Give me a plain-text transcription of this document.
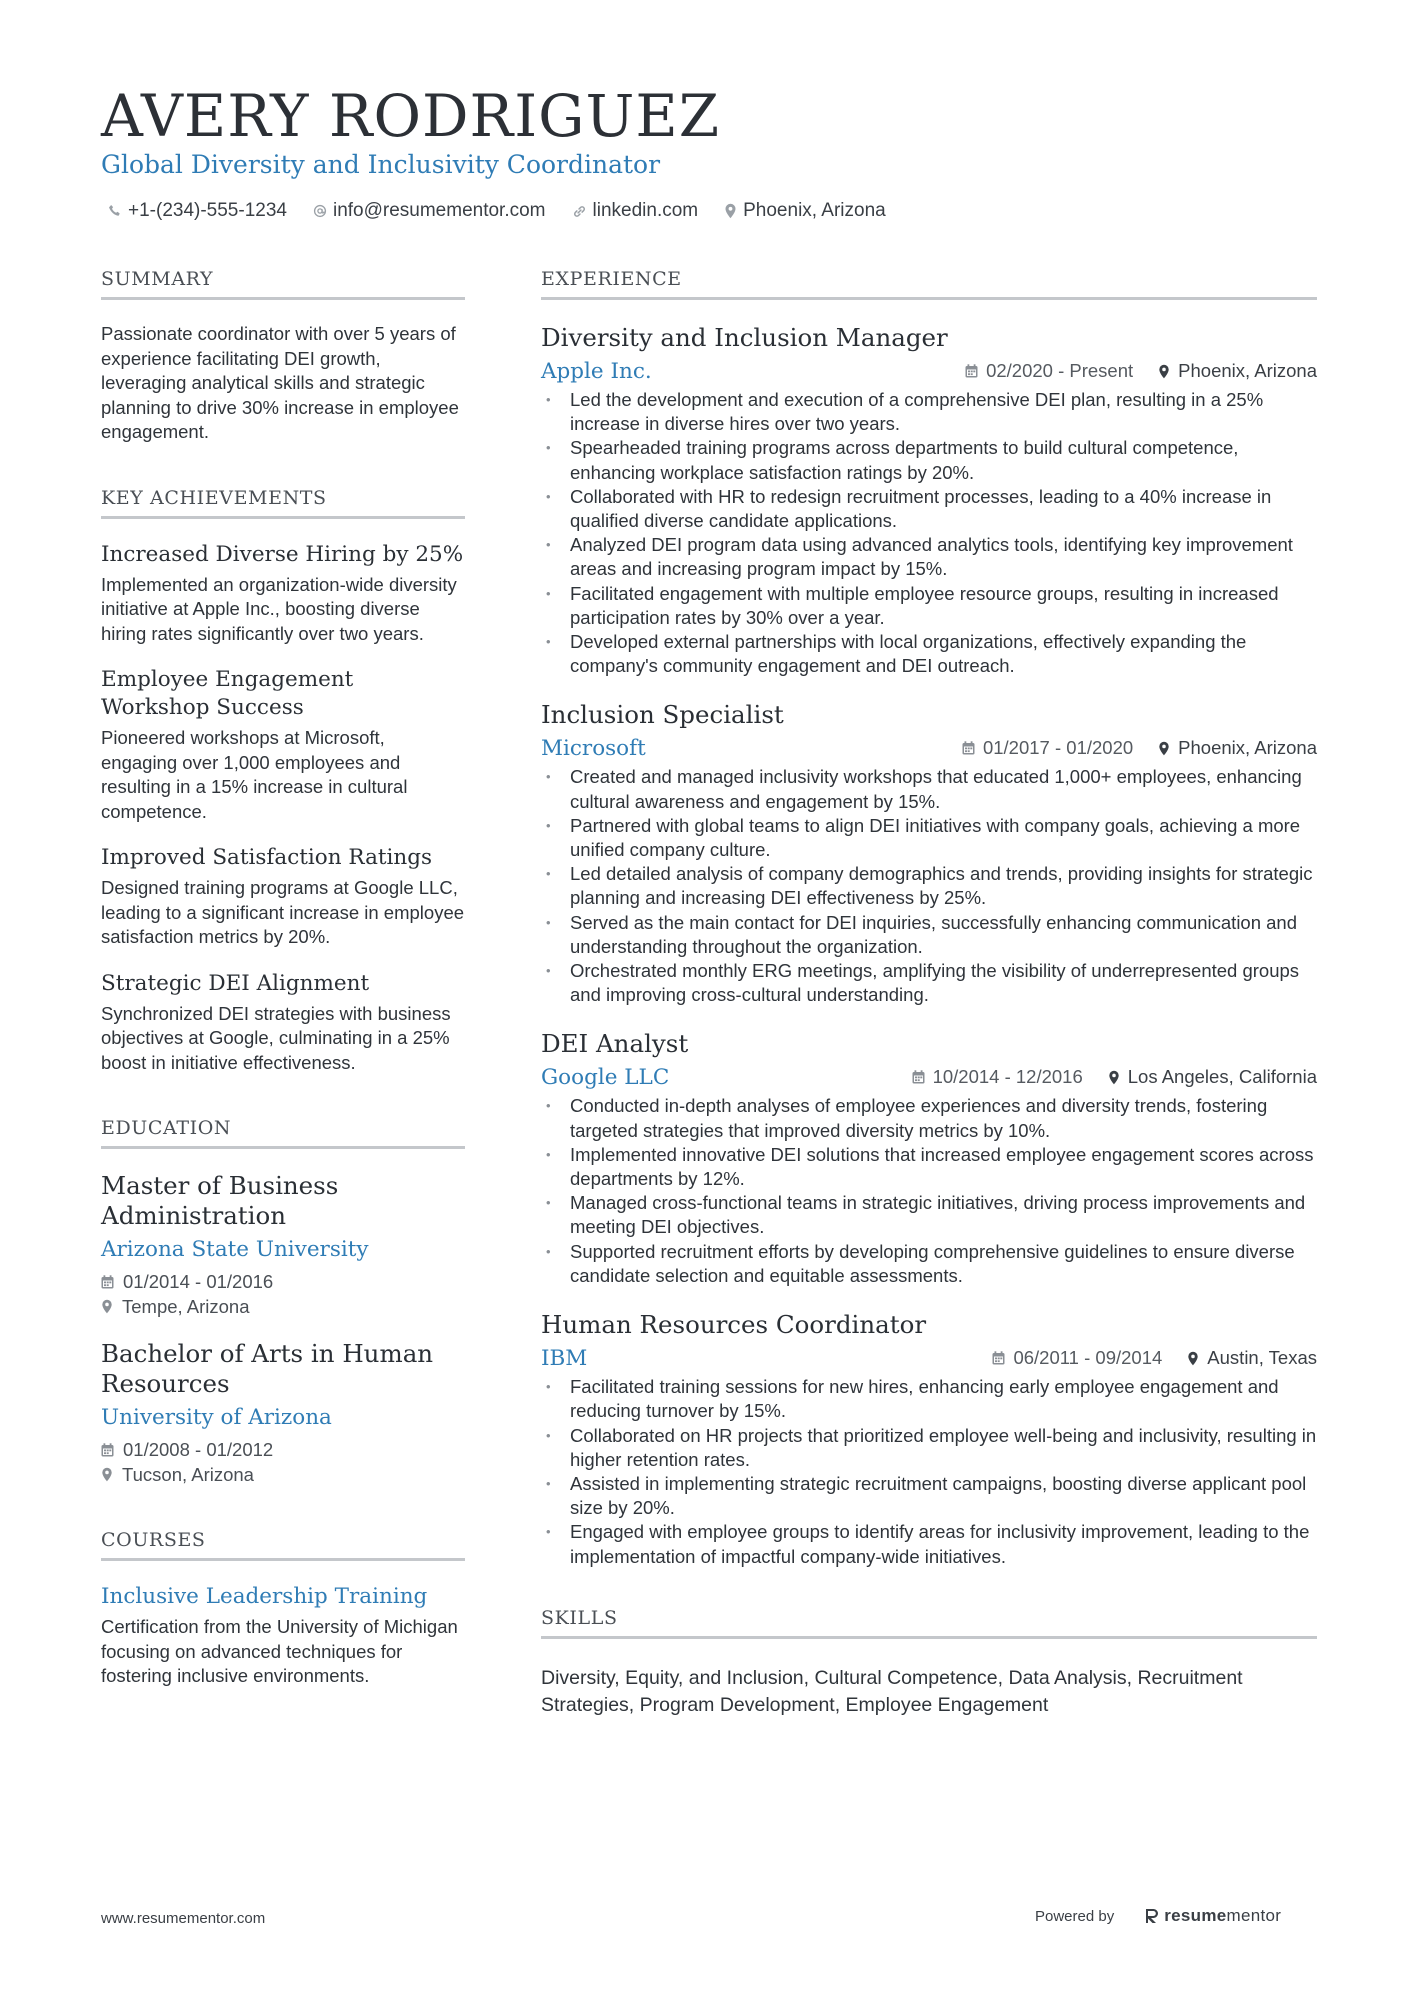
AVERY RODRIGUEZ
Global Diversity and Inclusivity Coordinator
+1-(234)-555-1234 info@resumementor.com linkedin.com Phoenix, Arizona
SUMMARY

Passionate coordinator with over 5 years of experience facilitating DEI growth, leveraging analytical skills and strategic planning to drive 30% increase in employee engagement.

KEY ACHIEVEMENTS
Increased Diverse Hiring by 25%
Implemented an organization-wide diversity initiative at Apple Inc., boosting diverse hiring rates significantly over two years.
Employee Engagement Workshop Success
Pioneered workshops at Microsoft, engaging over 1,000 employees and resulting in a 15% increase in cultural competence.
Improved Satisfaction Ratings
Designed training programs at Google LLC, leading to a significant increase in employee satisfaction metrics by 20%.
Strategic DEI Alignment
Synchronized DEI strategies with business objectives at Google, culminating in a 25% boost in initiative effectiveness.
EDUCATION
Master of Business Administration
Arizona State University
01/2014 - 01/2016
Tempe, Arizona
Bachelor of Arts in Human Resources
University of Arizona
01/2008 - 01/2012
Tucson, Arizona
COURSES
Inclusive Leadership Training
Certification from the University of Michigan focusing on advanced techniques for fostering inclusive environments.
EXPERIENCE
Diversity and Inclusion Manager
Apple Inc.	02/2020 - Present Phoenix, Arizona
• Led the development and execution of a comprehensive DEI plan, resulting in a 25% increase in diverse hires over two years.
• Spearheaded training programs across departments to build cultural competence, enhancing workplace satisfaction ratings by 20%.
• Collaborated with HR to redesign recruitment processes, leading to a 40% increase in qualified diverse candidate applications.
• Analyzed DEI program data using advanced analytics tools, identifying key improvement areas and increasing program impact by 15%.
• Facilitated engagement with multiple employee resource groups, resulting in increased participation rates by 30% over a year.
• Developed external partnerships with local organizations, effectively expanding the company's community engagement and DEI outreach.
Inclusion Specialist
Microsoft	01/2017 - 01/2020 Phoenix, Arizona
• Created and managed inclusivity workshops that educated 1,000+ employees, enhancing cultural awareness and engagement by 15%.
• Partnered with global teams to align DEI initiatives with company goals, achieving a more unified company culture.
• Led detailed analysis of company demographics and trends, providing insights for strategic planning and increasing DEI effectiveness by 25%.
• Served as the main contact for DEI inquiries, successfully enhancing communication and understanding throughout the organization.
• Orchestrated monthly ERG meetings, amplifying the visibility of underrepresented groups and improving cross-cultural understanding.
DEI Analyst
Google LLC	10/2014 - 12/2016 Los Angeles, California
• Conducted in-depth analyses of employee experiences and diversity trends, fostering targeted strategies that improved diversity metrics by 10%.
• Implemented innovative DEI solutions that increased employee engagement scores across departments by 12%.
• Managed cross-functional teams in strategic initiatives, driving process improvements and meeting DEI objectives.
• Supported recruitment efforts by developing comprehensive guidelines to ensure diverse candidate selection and equitable assessments.
Human Resources Coordinator
IBM	06/2011 - 09/2014 Austin, Texas
• Facilitated training sessions for new hires, enhancing early employee engagement and reducing turnover by 15%.
• Collaborated on HR projects that prioritized employee well-being and inclusivity, resulting in higher retention rates.
• Assisted in implementing strategic recruitment campaigns, boosting diverse applicant pool size by 20%.
• Engaged with employee groups to identify areas for inclusivity improvement, leading to the implementation of impactful company-wide initiatives.
SKILLS

Diversity, Equity, and Inclusion, Cultural Competence, Data Analysis, Recruitment Strategies, Program Development, Employee Engagement

www.resumementor.com	Powered by	resume mentor
